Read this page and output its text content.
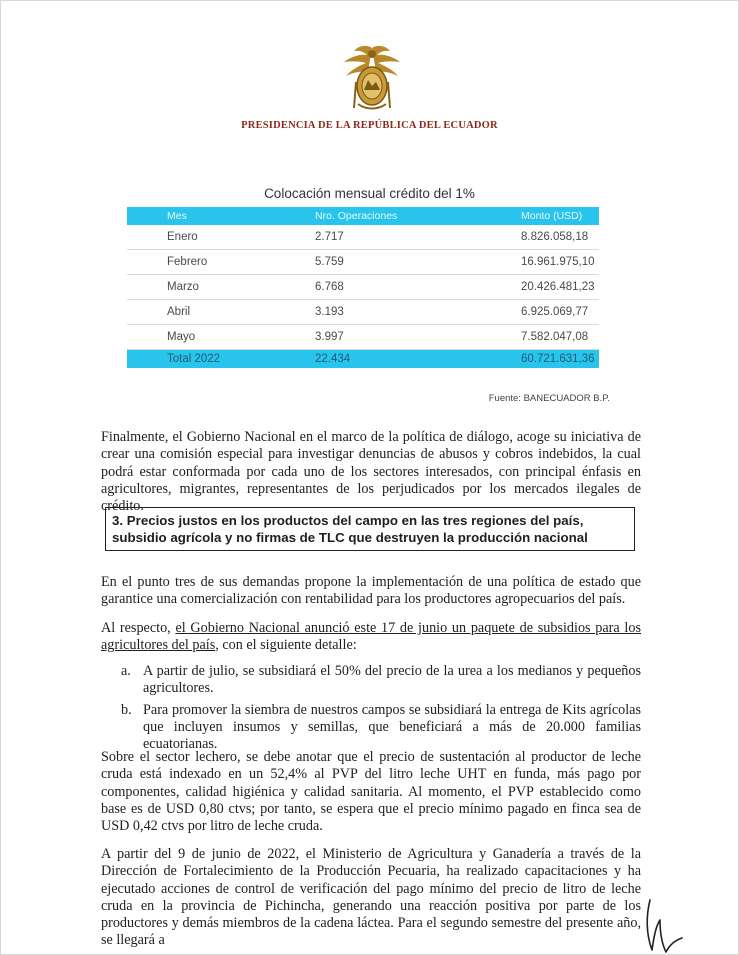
PRESIDENCIA DE LA REPÚBLICA DEL ECUADOR
Colocación mensual crédito del 1%
Mes	Nro. Operaciones	Monto (USD)
Enero	2.717	8.826.058,18
Febrero	5.759	16.961.975,10
Marzo	6.768	20.426.481,23
Abril	3.193	6.925.069,77
Mayo	3.997	7.582.047,08
Total 2022	22.434	60.721.631,36
Fuente: BANECUADOR B.P.

Finalmente, el Gobierno Nacional en el marco de la política de diálogo, acoge su iniciativa de crear una comisión especial para investigar denuncias de abusos y cobros indebidos, la cual podrá estar conformada por cada uno de los sectores interesados, con principal énfasis en agricultores, migrantes, representantes de los perjudicados por los mercados ilegales de crédito.

3. Precios justos en los productos del campo en las tres regiones del país, subsidio agrícola y no firmas de TLC que destruyen la producción nacional

En el punto tres de sus demandas propone la implementación de una política de estado que garantice una comercialización con rentabilidad para los productores agropecuarios del país.

Al respecto, el Gobierno Nacional anunció este 17 de junio un paquete de subsidios para los agricultores del país, con el siguiente detalle:

a. A partir de julio, se subsidiará el 50% del precio de la urea a los medianos y pequeños agricultores.
b. Para promover la siembra de nuestros campos se subsidiará la entrega de Kits agrícolas que incluyen insumos y semillas, que beneficiará a más de 20.000 familias ecuatorianas.

Sobre el sector lechero, se debe anotar que el precio de sustentación al productor de leche cruda está indexado en un 52,4% al PVP del litro leche UHT en funda, más pago por componentes, calidad higiénica y calidad sanitaria. Al momento, el PVP establecido como base es de USD 0,80 ctvs; por tanto, se espera que el precio mínimo pagado en finca sea de USD 0,42 ctvs por litro de leche cruda.

A partir del 9 de junio de 2022, el Ministerio de Agricultura y Ganadería a través de la Dirección de Fortalecimiento de la Producción Pecuaria, ha realizado capacitaciones y ha ejecutado acciones de control de verificación del pago mínimo del precio de litro de leche cruda en la provincia de Pichincha, generando una reacción positiva por parte de los productores y demás miembros de la cadena láctea. Para el segundo semestre del presente año, se llegará a
